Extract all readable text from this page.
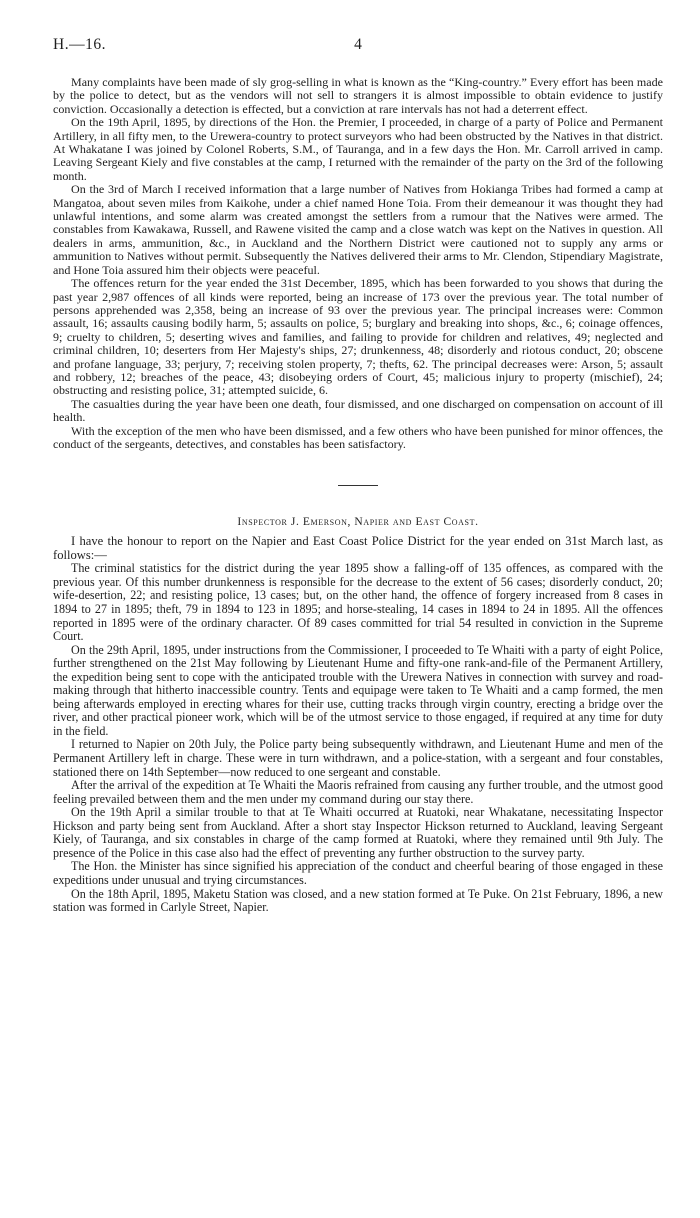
H.—16.	4

Many complaints have been made of sly grog-selling in what is known as the “King-country.” Every effort has been made by the police to detect, but as the vendors will not sell to strangers it is almost impossible to obtain evidence to justify conviction. Occasionally a detection is effected, but a conviction at rare intervals has not had a deterrent effect.

On the 19th April, 1895, by directions of the Hon. the Premier, I proceeded, in charge of a party of Police and Permanent Artillery, in all fifty men, to the Urewera-country to protect surveyors who had been obstructed by the Natives in that district. At Whakatane I was joined by Colonel Roberts, S.M., of Tauranga, and in a few days the Hon. Mr. Carroll arrived in camp. Leaving Sergeant Kiely and five constables at the camp, I returned with the remainder of the party on the 3rd of the following month.

On the 3rd of March I received information that a large number of Natives from Hokianga Tribes had formed a camp at Mangatoa, about seven miles from Kaikohe, under a chief named Hone Toia. From their demeanour it was thought they had unlawful intentions, and some alarm was created amongst the settlers from a rumour that the Natives were armed. The constables from Kawakawa, Russell, and Rawene visited the camp and a close watch was kept on the Natives in question. All dealers in arms, ammunition, &c., in Auckland and the Northern District were cautioned not to supply any arms or ammunition to Natives without permit. Subsequently the Natives delivered their arms to Mr. Clendon, Stipendiary Magistrate, and Hone Toia assured him their objects were peaceful.

The offences return for the year ended the 31st December, 1895, which has been forwarded to you shows that during the past year 2,987 offences of all kinds were reported, being an increase of 173 over the previous year. The total number of persons apprehended was 2,358, being an increase of 93 over the previous year. The principal increases were: Common assault, 16; assaults causing bodily harm, 5; assaults on police, 5; burglary and breaking into shops, &c., 6; coinage offences, 9; cruelty to children, 5; deserting wives and families, and failing to provide for children and relatives, 49; neglected and criminal children, 10; deserters from Her Majesty's ships, 27; drunkenness, 48; disorderly and riotous conduct, 20; obscene and profane language, 33; perjury, 7; receiving stolen property, 7; thefts, 62. The principal decreases were: Arson, 5; assault and robbery, 12; breaches of the peace, 43; disobeying orders of Court, 45; malicious injury to property (mischief), 24; obstructing and resisting police, 31; attempted suicide, 6.

The casualties during the year have been one death, four dismissed, and one discharged on compensation on account of ill health.

With the exception of the men who have been dismissed, and a few others who have been punished for minor offences, the conduct of the sergeants, detectives, and constables has been satisfactory.

Inspector J. Emerson, Napier and East Coast.

I have the honour to report on the Napier and East Coast Police District for the year ended on 31st March last, as follows:—

The criminal statistics for the district during the year 1895 show a falling-off of 135 offences, as compared with the previous year. Of this number drunkenness is responsible for the decrease to the extent of 56 cases; disorderly conduct, 20; wife-desertion, 22; and resisting police, 13 cases; but, on the other hand, the offence of forgery increased from 8 cases in 1894 to 27 in 1895; theft, 79 in 1894 to 123 in 1895; and horse-stealing, 14 cases in 1894 to 24 in 1895. All the offences reported in 1895 were of the ordinary character. Of 89 cases committed for trial 54 resulted in conviction in the Supreme Court.

On the 29th April, 1895, under instructions from the Commissioner, I proceeded to Te Whaiti with a party of eight Police, further strengthened on the 21st May following by Lieutenant Hume and fifty-one rank-and-file of the Permanent Artillery, the expedition being sent to cope with the anticipated trouble with the Urewera Natives in connection with survey and road-making through that hitherto inaccessible country. Tents and equipage were taken to Te Whaiti and a camp formed, the men being afterwards employed in erecting whares for their use, cutting tracks through virgin country, erecting a bridge over the river, and other practical pioneer work, which will be of the utmost service to those engaged, if required at any time for duty in the field.

I returned to Napier on 20th July, the Police party being subsequently withdrawn, and Lieutenant Hume and men of the Permanent Artillery left in charge. These were in turn withdrawn, and a police-station, with a sergeant and four constables, stationed there on 14th September—now reduced to one sergeant and constable.

After the arrival of the expedition at Te Whaiti the Maoris refrained from causing any further trouble, and the utmost good feeling prevailed between them and the men under my command during our stay there.

On the 19th April a similar trouble to that at Te Whaiti occurred at Ruatoki, near Whakatane, necessitating Inspector Hickson and party being sent from Auckland. After a short stay Inspector Hickson returned to Auckland, leaving Sergeant Kiely, of Tauranga, and six constables in charge of the camp formed at Ruatoki, where they remained until 9th July. The presence of the Police in this case also had the effect of preventing any further obstruction to the survey party.

The Hon. the Minister has since signified his appreciation of the conduct and cheerful bearing of those engaged in these expeditions under unusual and trying circumstances.

On the 18th April, 1895, Maketu Station was closed, and a new station formed at Te Puke. On 21st February, 1896, a new station was formed in Carlyle Street, Napier.
